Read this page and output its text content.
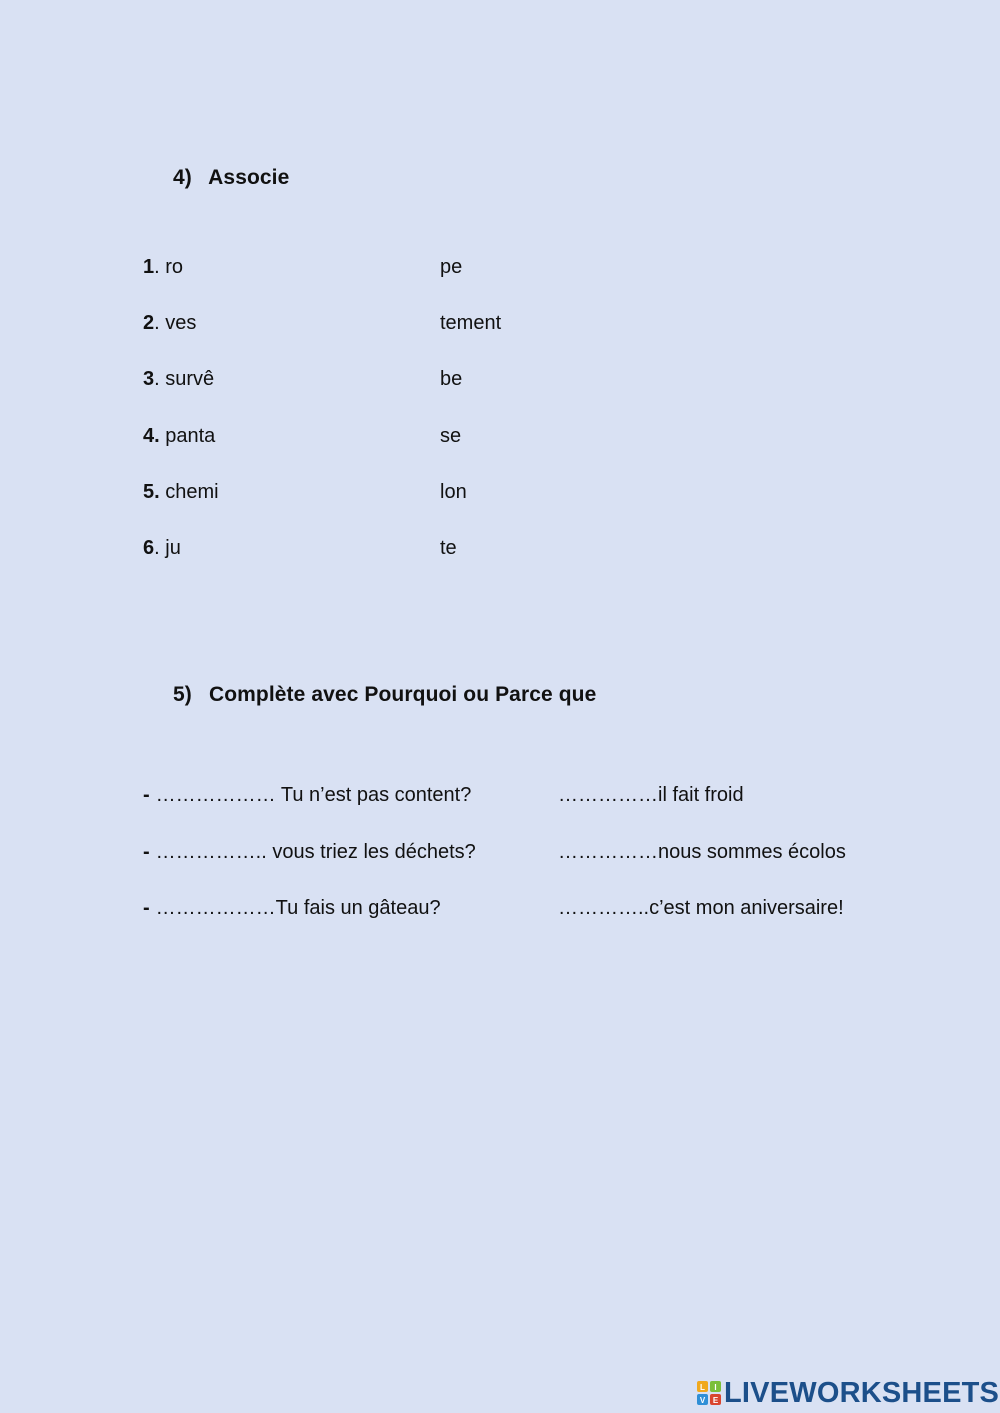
4) Associe
1. ro
2. ves
3. survê
4. panta
5. chemi
6. ju
pe
tement
be
se
lon
te
5) Complète avec Pourquoi ou Parce que
- ……………… Tu n’est pas content?
- …………….. vous triez les déchets?
- ………………Tu fais un gâteau?
……………il fait froid
……………nous sommes écolos
…………..c’est mon aniversaire!
L I
V E LIVEWORKSHEETS
